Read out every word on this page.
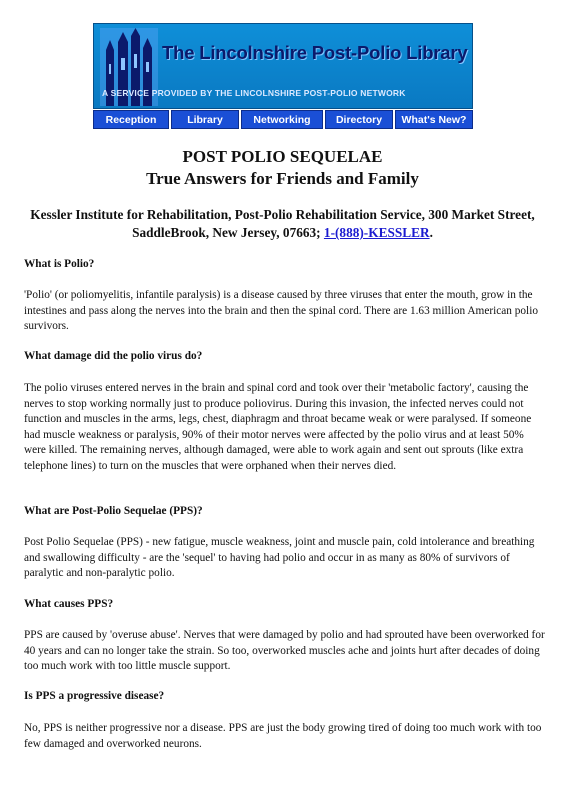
The Lincolnshire Post-Polio Library
A SERVICE PROVIDED BY THE LINCOLNSHIRE POST-POLIO NETWORK
Reception	Library	Networking	Directory	What's New?
POST POLIO SEQUELAE
True Answers for Friends and Family
Kessler Institute for Rehabilitation, Post-Polio Rehabilitation Service, 300 Market Street, SaddleBrook, New Jersey, 07663; 1-(888)-KESSLER.
What is Polio?
'Polio' (or poliomyelitis, infantile paralysis) is a disease caused by three viruses that enter the mouth, grow in the intestines and pass along the nerves into the brain and then the spinal cord. There are 1.63 million American polio survivors.
What damage did the polio virus do?
The polio viruses entered nerves in the brain and spinal cord and took over their 'metabolic factory', causing the nerves to stop working normally just to produce poliovirus. During this invasion, the infected nerves could not function and muscles in the arms, legs, chest, diaphragm and throat became weak or were paralysed. If someone had muscle weakness or paralysis, 90% of their motor nerves were affected by the polio virus and at least 50% were killed. The remaining nerves, although damaged, were able to work again and sent out sprouts (like extra telephone lines) to turn on the muscles that were orphaned when their nerves died.
What are Post-Polio Sequelae (PPS)?
Post Polio Sequelae (PPS) - new fatigue, muscle weakness, joint and muscle pain, cold intolerance and breathing and swallowing difficulty - are the 'sequel' to having had polio and occur in as many as 80% of survivors of paralytic and non-paralytic polio.
What causes PPS?
PPS are caused by 'overuse abuse'. Nerves that were damaged by polio and had sprouted have been overworked for 40 years and can no longer take the strain. So too, overworked muscles ache and joints hurt after decades of doing too much work with too little muscle support.
Is PPS a progressive disease?
No, PPS is neither progressive nor a disease. PPS are just the body growing tired of doing too much work with too few damaged and overworked neurons.
